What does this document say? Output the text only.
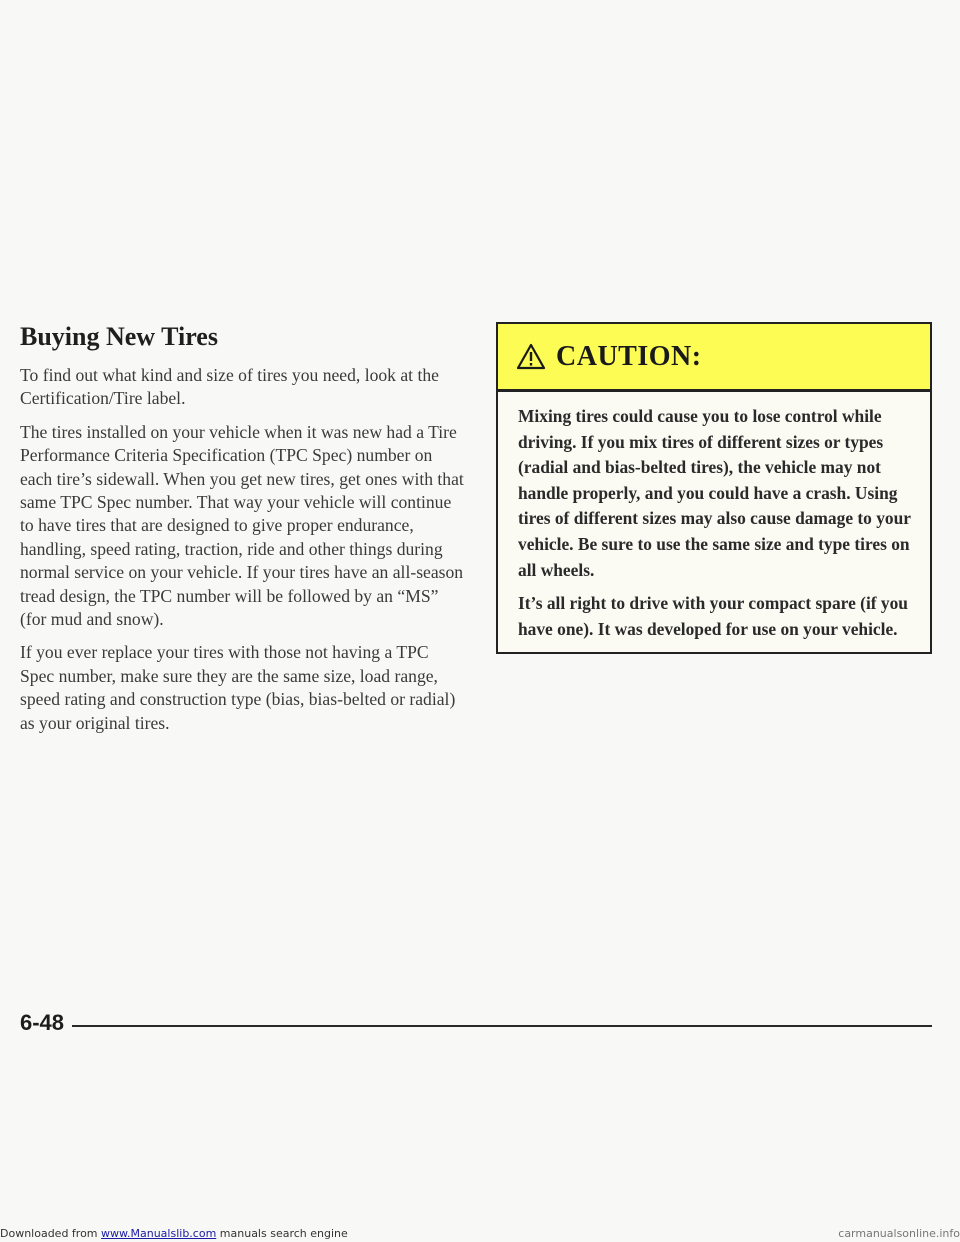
Buying New Tires

To find out what kind and size of tires you need, look at the Certification/Tire label.

The tires installed on your vehicle when it was new had a Tire Performance Criteria Specification (TPC Spec) number on each tire’s sidewall. When you get new tires, get ones with that same TPC Spec number. That way your vehicle will continue to have tires that are designed to give proper endurance, handling, speed rating, traction, ride and other things during normal service on your vehicle. If your tires have an all-season tread design, the TPC number will be followed by an “MS” (for mud and snow).

If you ever replace your tires with those not having a TPC Spec number, make sure they are the same size, load range, speed rating and construction type (bias, bias-belted or radial) as your original tires.

CAUTION:

Mixing tires could cause you to lose control while driving. If you mix tires of different sizes or types (radial and bias-belted tires), the vehicle may not handle properly, and you could have a crash. Using tires of different sizes may also cause damage to your vehicle. Be sure to use the same size and type tires on all wheels.

It’s all right to drive with your compact spare (if you have one). It was developed for use on your vehicle.

6-48
Downloaded from www.Manualslib.com manuals search engine	carmanualsonline.info
